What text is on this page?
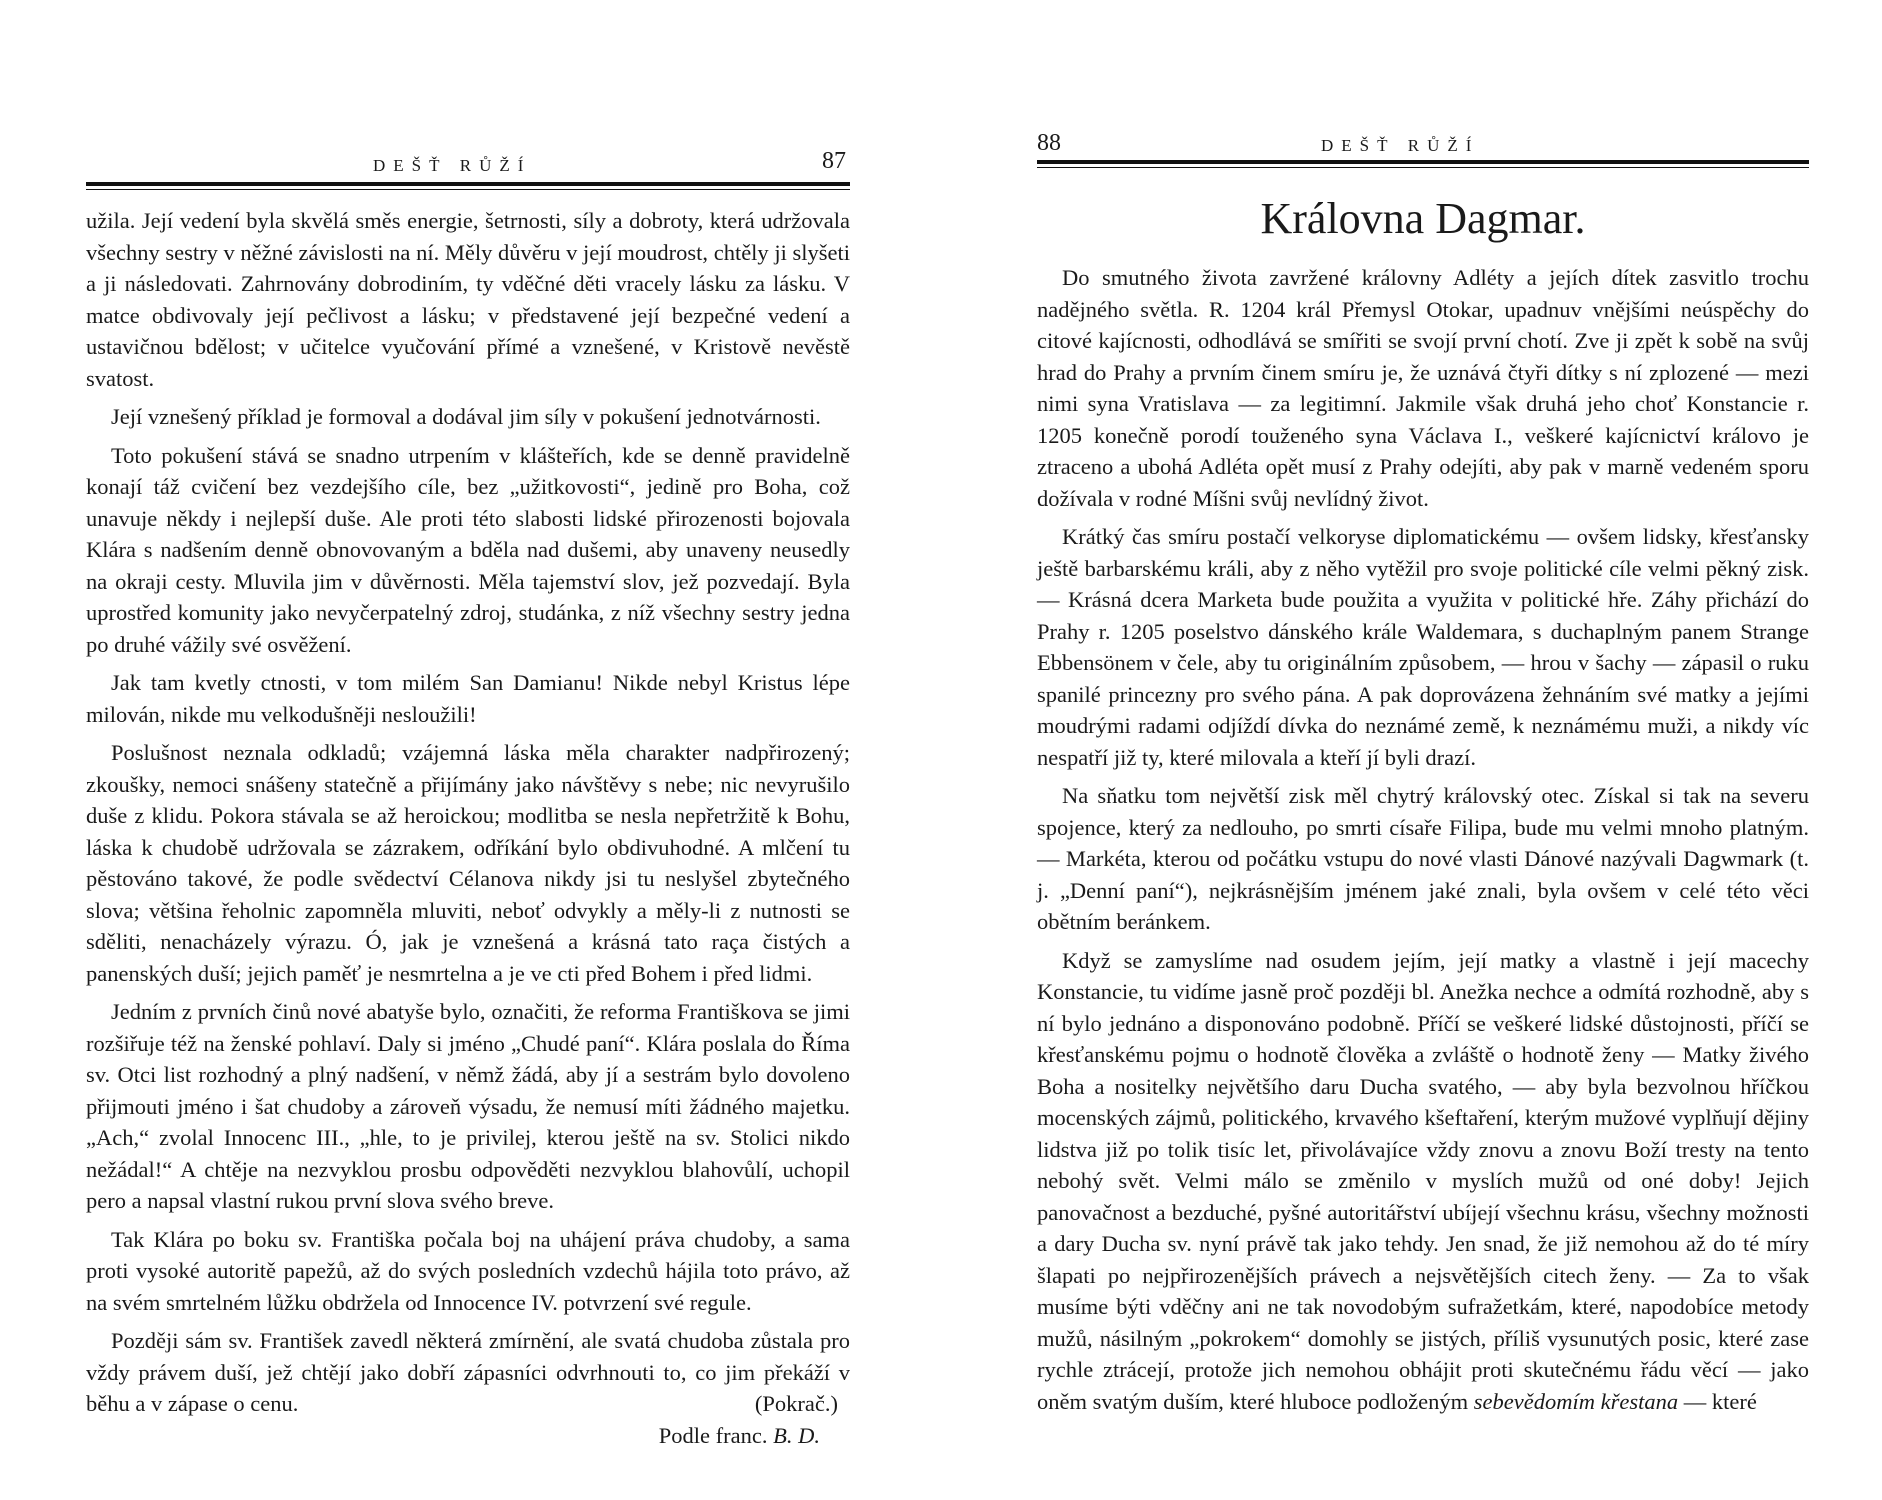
DEŠŤ RŮŽÍ	87

užila. Její vedení byla skvělá směs energie, šetrnosti, síly a dobroty, která udržovala všechny sestry v něžné závislosti na ní. Měly důvěru v její moudrost, chtěly ji slyšeti a ji následovati. Zahrnovány dobrodiním, ty vděčné děti vracely lásku za lásku. V matce obdivovaly její pečlivost a lásku; v představené její bezpečné vedení a ustavičnou bdělost; v učitelce vyučování přímé a vznešené, v Kristově nevěstě svatost.

Její vznešený příklad je formoval a dodával jim síly v pokušení jednotvárnosti.

Toto pokušení stává se snadno utrpením v klášteřích, kde se denně pravidelně konají táž cvičení bez vezdejšího cíle, bez „užitkovosti“, jedině pro Boha, což unavuje někdy i nejlepší duše. Ale proti této slabosti lidské přirozenosti bojovala Klára s nadšením denně obnovovaným a bděla nad dušemi, aby unaveny neusedly na okraji cesty. Mluvila jim v důvěrnosti. Měla tajemství slov, jež pozvedají. Byla uprostřed komunity jako nevyčerpatelný zdroj, studánka, z níž všechny sestry jedna po druhé vážily své osvěžení.

Jak tam kvetly ctnosti, v tom milém San Damianu! Nikde nebyl Kristus lépe milován, nikde mu velkodušněji nesloužili!

Poslušnost neznala odkladů; vzájemná láska měla charakter nadpřirozený; zkoušky, nemoci snášeny statečně a přijímány jako návštěvy s nebe; nic nevyrušilo duše z klidu. Pokora stávala se až heroickou; modlitba se nesla nepřetržitě k Bohu, láska k chudobě udržovala se zázrakem, odříkání bylo obdivuhodné. A mlčení tu pěstováno takové, že podle svědectví Célanova nikdy jsi tu neslyšel zbytečného slova; většina řeholnic zapomněla mluviti, neboť odvykly a měly-li z nutnosti se sděliti, nenacházely výrazu. Ó, jak je vznešená a krásná tato raça čistých a panenských duší; jejich paměť je nesmrtelna a je ve cti před Bohem i před lidmi.

Jedním z prvních činů nové abatyše bylo, označiti, že reforma Františkova se jimi rozšiřuje též na ženské pohlaví. Daly si jméno „Chudé paní“. Klára poslala do Říma sv. Otci list rozhodný a plný nadšení, v němž žádá, aby jí a sestrám bylo dovoleno přijmouti jméno i šat chudoby a zároveň výsadu, že nemusí míti žádného majetku. „Ach,“ zvolal Innocenc III., „hle, to je privilej, kterou ještě na sv. Stolici nikdo nežádal!“ A chtěje na nezvyklou prosbu odpověděti nezvyklou blahovůlí, uchopil pero a napsal vlastní rukou první slova svého breve.

Tak Klára po boku sv. Františka počala boj na uhájení práva chudoby, a sama proti vysoké autoritě papežů, až do svých posledních vzdechů hájila toto právo, až na svém smrtelném lůžku obdržela od Innocence IV. potvrzení své regule.

Později sám sv. František zavedl některá zmírnění, ale svatá chudoba zůstala pro vždy právem duší, jež chtějí jako dobří zápasníci odvrhnouti to, co jim překáží v běhu a v zápase o cenu.	(Pokrač.)

Podle franc. B. D.

88	DEŠŤ RŮŽÍ
Královna Dagmar.

Do smutného života zavržené královny Adléty a jejích dítek zasvitlo trochu nadějného světla. R. 1204 král Přemysl Otokar, upadnuv vnějšími neúspěchy do citové kajícnosti, odhodlává se smířiti se svojí první chotí. Zve ji zpět k sobě na svůj hrad do Prahy a prvním činem smíru je, že uznává čtyři dítky s ní zplozené — mezi nimi syna Vratislava — za legitimní. Jakmile však druhá jeho choť Konstancie r. 1205 konečně porodí touženého syna Václava I., veškeré kajícnictví královo je ztraceno a ubohá Adléta opět musí z Prahy odejíti, aby pak v marně vedeném sporu dožívala v rodné Míšni svůj nevlídný život.

Krátký čas smíru postačí velkoryse diplomatickému — ovšem lidsky, křesťansky ještě barbarskému králi, aby z něho vytěžil pro svoje politické cíle velmi pěkný zisk. — Krásná dcera Marketa bude použita a využita v politické hře. Záhy přichází do Prahy r. 1205 poselstvo dánského krále Waldemara, s duchaplným panem Strange Ebbensönem v čele, aby tu originálním způsobem, — hrou v šachy — zápasil o ruku spanilé princezny pro svého pána. A pak doprovázena žehnáním své matky a jejími moudrými radami odjíždí dívka do neznámé země, k neznámému muži, a nikdy víc nespatří již ty, které milovala a kteří jí byli drazí.

Na sňatku tom největší zisk měl chytrý královský otec. Získal si tak na severu spojence, který za nedlouho, po smrti císaře Filipa, bude mu velmi mnoho platným. — Markéta, kterou od počátku vstupu do nové vlasti Dánové nazývali Dagwmark (t. j. „Denní paní“), nejkrásnějším jménem jaké znali, byla ovšem v celé této věci obětním beránkem.

Když se zamyslíme nad osudem jejím, její matky a vlastně i její macechy Konstancie, tu vidíme jasně proč později bl. Anežka nechce a odmítá rozhodně, aby s ní bylo jednáno a disponováno podobně. Příčí se veškeré lidské důstojnosti, příčí se křesťanskému pojmu o hodnotě člověka a zvláště o hodnotě ženy — Matky živého Boha a nositelky největšího daru Ducha svatého, — aby byla bezvolnou hříčkou mocenských zájmů, politického, krvavého kšeftaření, kterým mužové vyplňují dějiny lidstva již po tolik tisíc let, přivolávajíce vždy znovu a znovu Boží tresty na tento nebohý svět. Velmi málo se změnilo v myslích mužů od oné doby! Jejich panovačnost a bezduché, pyšné autoritářství ubíjejí všechnu krásu, všechny možnosti a dary Ducha sv. nyní právě tak jako tehdy. Jen snad, že již nemohou až do té míry šlapati po nejpřirozenějších právech a nejsvětějších citech ženy. — Za to však musíme býti vděčny ani ne tak novodobým sufražetkám, které, napodobíce metody mužů, násilným „pokrokem“ domohly se jistých, příliš vysunutých posic, které zase rychle ztrácejí, protože jich nemohou obhájit proti skutečnému řádu věcí — jako oněm svatým duším, které hluboce podloženým sebevědomím křestana — které
